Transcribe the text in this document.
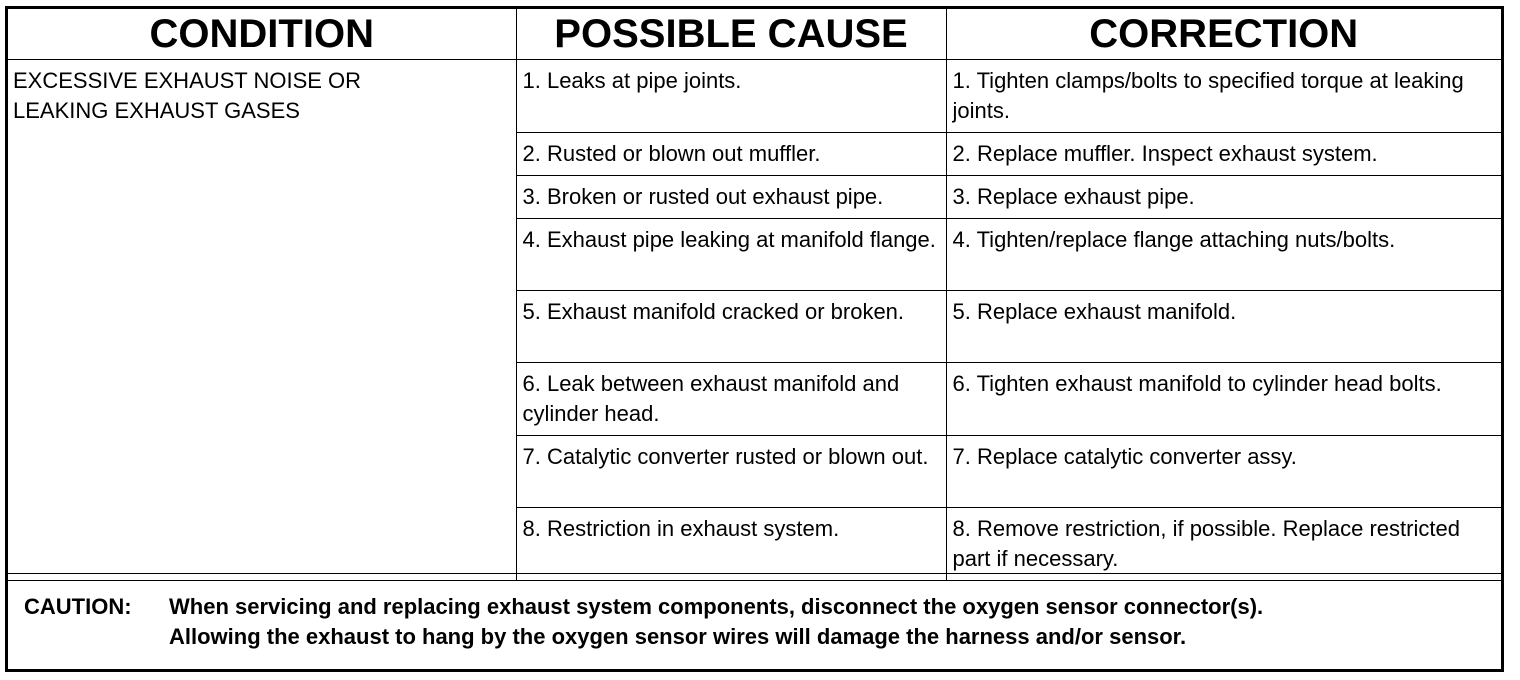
CONDITION	POSSIBLE CAUSE	CORRECTION

EXCESSIVE EXHAUST NOISE OR
LEAKING EXHAUST GASES	1. Leaks at pipe joints.	1. Tighten clamps/bolts to specified torque at leaking joints.
	2. Rusted or blown out muffler.	2. Replace muffler. Inspect exhaust system.
	3. Broken or rusted out exhaust pipe.	3. Replace exhaust pipe.
	4. Exhaust pipe leaking at manifold flange.	4. Tighten/replace flange attaching nuts/bolts.
	5. Exhaust manifold cracked or broken.	5. Replace exhaust manifold.
	6. Leak between exhaust manifold and cylinder head.	6. Tighten exhaust manifold to cylinder head bolts.
	7. Catalytic converter rusted or blown out.	7. Replace catalytic converter assy.
	8. Restriction in exhaust system.	8. Remove restriction, if possible. Replace restricted part if necessary.
CAUTION: When servicing and replacing exhaust system components, disconnect the oxygen sensor connector(s).
Allowing the exhaust to hang by the oxygen sensor wires will damage the harness and/or sensor.
